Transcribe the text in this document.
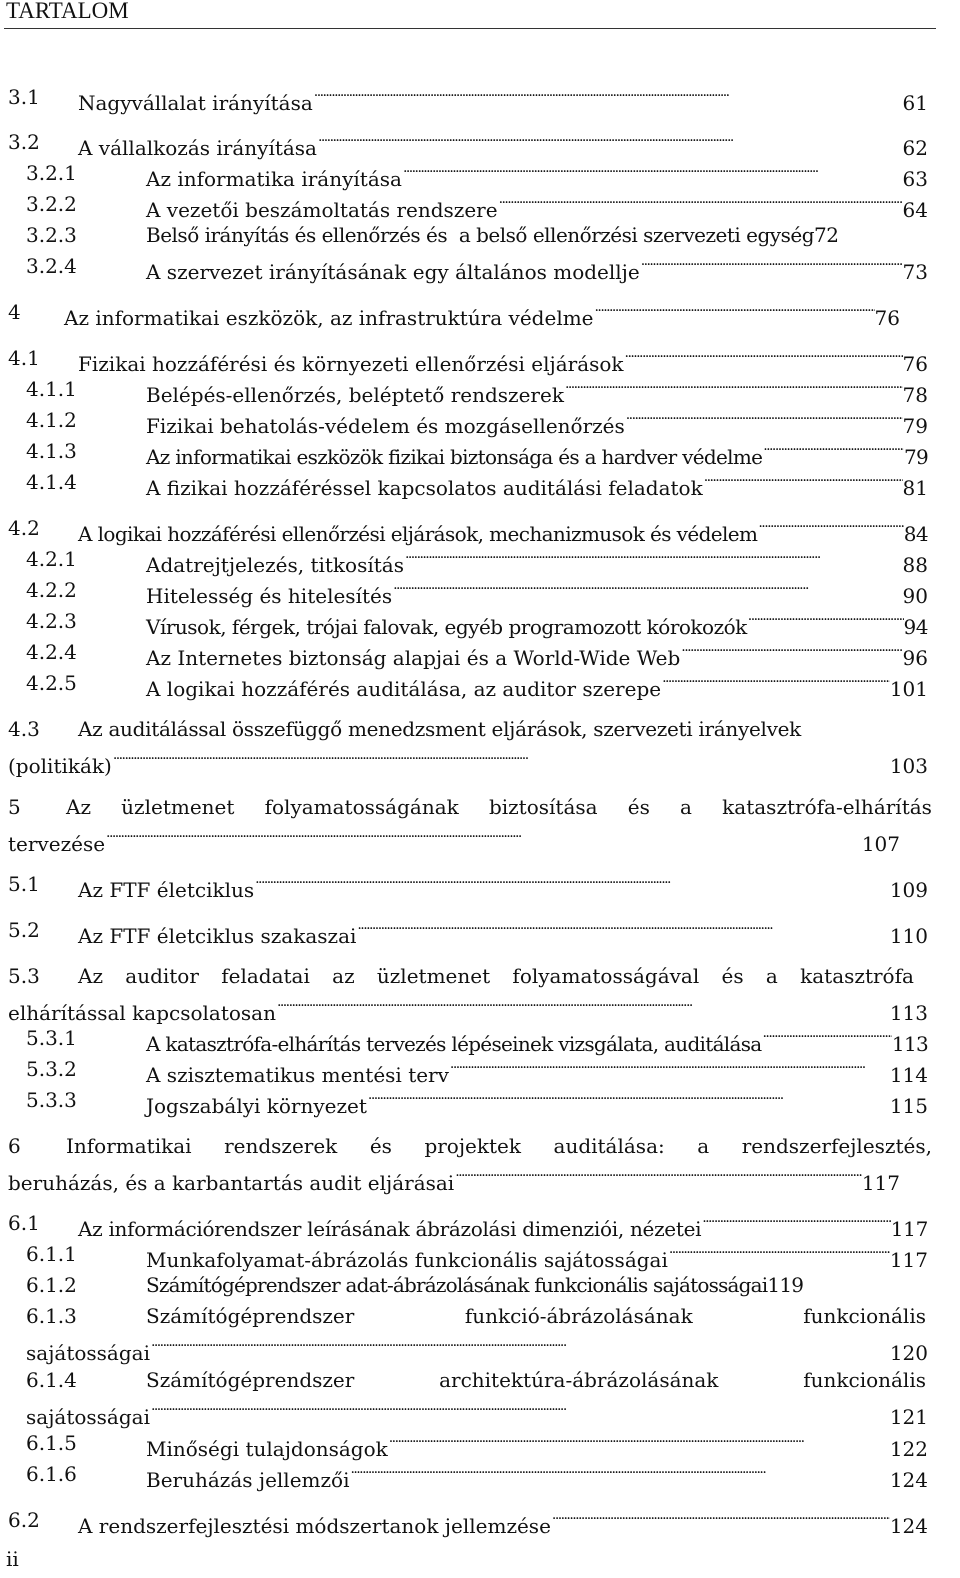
TARTALOM
3.1 Nagyvállalat irányítása . . .	61
3.2 A vállalkozás irányítása . . .	62
3.2.1	Az informatika irányítása . . .	63
3.2.2	A vezetői beszámoltatás rendszere . . .	64
3.2.3	Belső irányítás és ellenőrzés és  a belső ellenőrzési szervezeti egység 72
3.2.4	A szervezet irányításának egy általános modellje . . .	73
4 Az informatikai eszközök, az infrastruktúra védelme . . .	76
4.1 Fizikai hozzáférési és környezeti ellenőrzési eljárások . . .	76
4.1.1	Belépés-ellenőrzés, beléptető rendszerek . . .	78
4.1.2	Fizikai behatolás-védelem és mozgásellenőrzés . . .	79
4.1.3	Az informatikai eszközök fizikai biztonsága és a hardver védelme . . .	79
4.1.4	A fizikai hozzáféréssel kapcsolatos auditálási feladatok . . .	81
4.2 A logikai hozzáférési ellenőrzési eljárások, mechanizmusok és védelem . . .	84
4.2.1	Adatrejtjelezés, titkosítás . . .	88
4.2.2	Hitelesség és hitelesítés . . .	90
4.2.3	Vírusok, férgek, trójai falovak, egyéb programozott kórokozók . . .	94
4.2.4	Az Internetes biztonság alapjai és a World-Wide Web . . .	96
4.2.5	A logikai hozzáférés auditálása, az auditor szerepe . . .	101
4.3 Az auditálással összefüggő menedzsment eljárások, szervezeti irányelvek
(politikák) . . .	103
5 Az üzletmenet folyamatosságának biztosítása és a katasztrófa-elhárítás
tervezése . . .	107
5.1 Az FTF életciklus . . .	109
5.2 Az FTF életciklus szakaszai . . .	110
5.3 Az auditor feladatai az üzletmenet folyamatosságával és a katasztrófa
elhárítással kapcsolatosan . . .	113
5.3.1	A katasztrófa-elhárítás tervezés lépéseinek vizsgálata, auditálása . . .	113
5.3.2	A szisztematikus mentési terv . . .	114
5.3.3	Jogszabályi környezet . . .	115
6 Informatikai rendszerek és projektek auditálása: a rendszerfejlesztés,
beruházás, és a karbantartás audit eljárásai . . .	117
6.1 Az információrendszer leírásának ábrázolási dimenziói, nézetei . . .	117
6.1.1	Munkafolyamat-ábrázolás funkcionális sajátosságai . . .	117
6.1.2	Számítógéprendszer adat-ábrázolásának funkcionális sajátosságai 119
6.1.3	Számítógéprendszer	funkció-ábrázolásának	funkcionális
sajátosságai . . .	120
6.1.4	Számítógéprendszer	architektúra-ábrázolásának	funkcionális
sajátosságai . . .	121
6.1.5	Minőségi tulajdonságok . . .	122
6.1.6	Beruházás jellemzői . . .	124
6.2 A rendszerfejlesztési módszertanok jellemzése . . .	124
ii
